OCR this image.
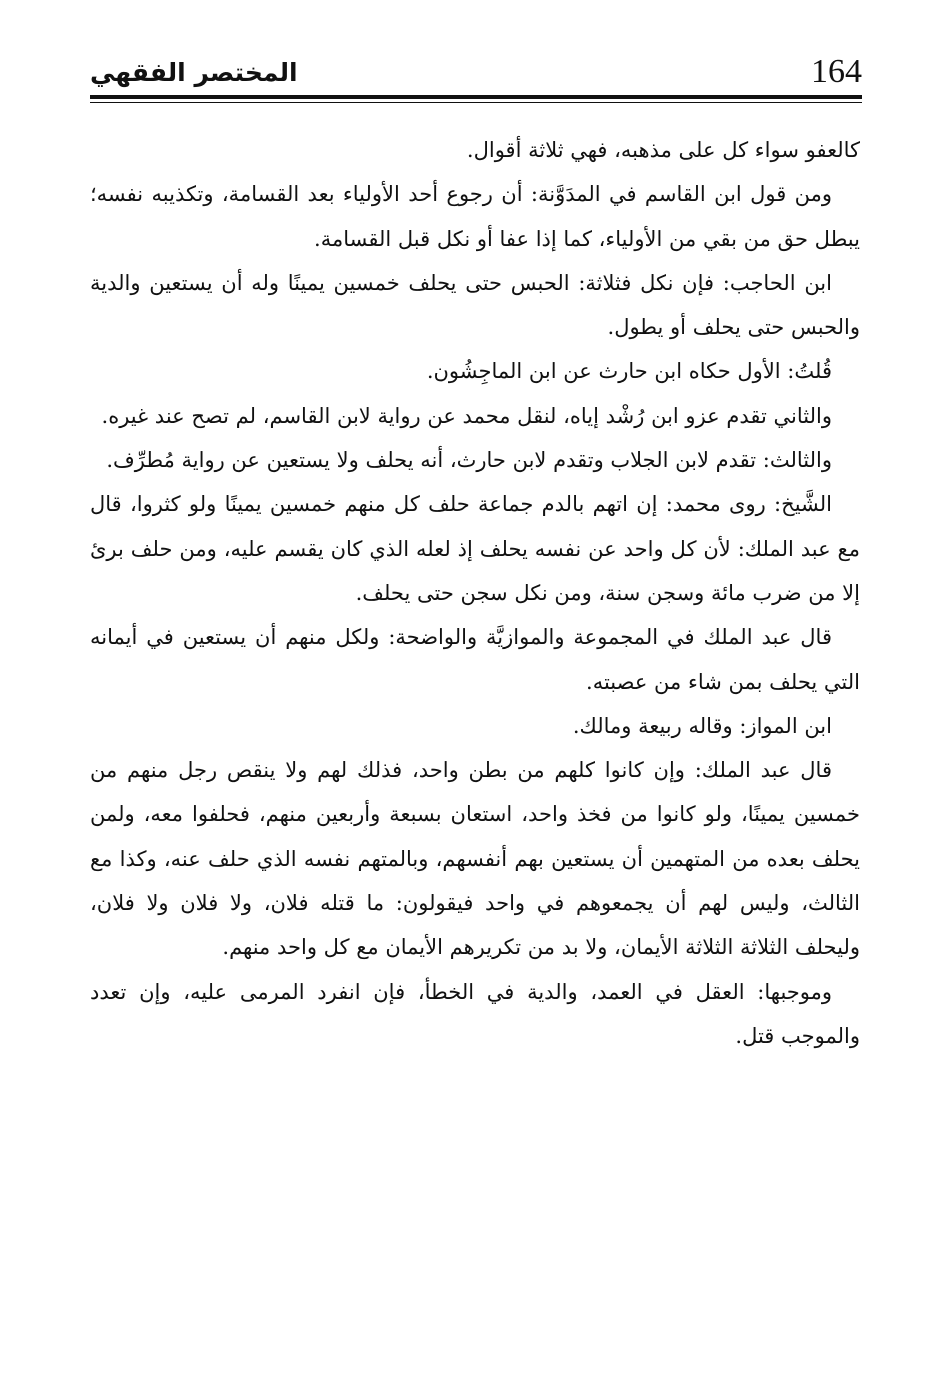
164
المختصر الفقهي

كالعفو سواء كل على مذهبه، فهي ثلاثة أقوال.

ومن قول ابن القاسم في المدَوَّنة: أن رجوع أحد الأولياء بعد القسامة، وتكذيبه نفسه؛ يبطل حق من بقي من الأولياء، كما إذا عفا أو نكل قبل القسامة.

ابن الحاجب: فإن نكل فثلاثة: الحبس حتى يحلف خمسين يمينًا وله أن يستعين والدية والحبس حتى يحلف أو يطول.

قُلتُ: الأول حكاه ابن حارث عن ابن الماجِشُون.

والثاني تقدم عزو ابن رُشْد إياه، لنقل محمد عن رواية لابن القاسم، لم تصح عند غيره.

والثالث: تقدم لابن الجلاب وتقدم لابن حارث، أنه يحلف ولا يستعين عن رواية مُطرِّف.

الشَّيخ: روى محمد: إن اتهم بالدم جماعة حلف كل منهم خمسين يمينًا ولو كثروا، قال مع عبد الملك: لأن كل واحد عن نفسه يحلف إذ لعله الذي كان يقسم عليه، ومن حلف برئ إلا من ضرب مائة وسجن سنة، ومن نكل سجن حتى يحلف.

قال عبد الملك في المجموعة والموازيَّة والواضحة: ولكل منهم أن يستعين في أيمانه التي يحلف بمن شاء من عصبته.

ابن المواز: وقاله ربيعة ومالك.

قال عبد الملك: وإن كانوا كلهم من بطن واحد، فذلك لهم ولا ينقص رجل منهم من خمسين يمينًا، ولو كانوا من فخذ واحد، استعان بسبعة وأربعين منهم، فحلفوا معه، ولمن يحلف بعده من المتهمين أن يستعين بهم أنفسهم، وبالمتهم نفسه الذي حلف عنه، وكذا مع الثالث، وليس لهم أن يجمعوهم في واحد فيقولون: ما قتله فلان، ولا فلان ولا فلان، وليحلف الثلاثة الثلاثة الأيمان، ولا بد من تكريرهم الأيمان مع كل واحد منهم.

وموجبها: العقل في العمد، والدية في الخطأ، فإن انفرد المرمى عليه، وإن تعدد والموجب قتل.
